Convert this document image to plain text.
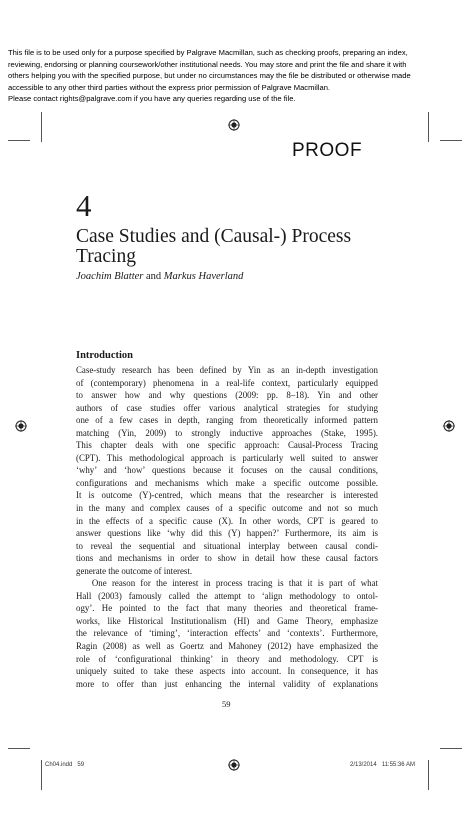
This file is to be used only for a purpose specified by Palgrave Macmillan, such as checking proofs, preparing an index,
reviewing, endorsing or planning coursework/other institutional needs. You may store and print the file and share it with
others helping you with the specified purpose, but under no circumstances may the file be distributed or otherwise made
accessible to any other third parties without the express prior permission of Palgrave Macmillan.
Please contact rights@palgrave.com if you have any queries regarding use of the file.
PROOF
4
Case Studies and (Causal-) Process
Tracing
Joachim Blatter and Markus Haverland
Introduction
Case-study research has been defined by Yin as an in-depth investigation
of (contemporary) phenomena in a real-life context, particularly equipped
to answer how and why questions (2009: pp. 8–18). Yin and other
authors of case studies offer various analytical strategies for studying
one of a few cases in depth, ranging from theoretically informed pattern
matching (Yin, 2009) to strongly inductive approaches (Stake, 1995).
This chapter deals with one specific approach: Causal-Process Tracing
(CPT). This methodological approach is particularly well suited to answer
‘why’ and ‘how’ questions because it focuses on the causal conditions,
configurations and mechanisms which make a specific outcome possible.
It is outcome (Y)-centred, which means that the researcher is interested
in the many and complex causes of a specific outcome and not so much
in the effects of a specific cause (X). In other words, CPT is geared to
answer questions like ‘why did this (Y) happen?’ Furthermore, its aim is
to reveal the sequential and situational interplay between causal condi-
tions and mechanisms in order to show in detail how these causal factors
generate the outcome of interest.
One reason for the interest in process tracing is that it is part of what
Hall (2003) famously called the attempt to ‘align methodology to ontol-
ogy’. He pointed to the fact that many theories and theoretical frame-
works, like Historical Institutionalism (HI) and Game Theory, emphasize
the relevance of ‘timing’, ‘interaction effects’ and ‘contexts’. Furthermore,
Ragin (2008) as well as Goertz and Mahoney (2012) have emphasized the
role of ‘configurational thinking’ in theory and methodology. CPT is
uniquely suited to take these aspects into account. In consequence, it has
more to offer than just enhancing the internal validity of explanations
59
Ch04.indd   59	2/13/2014   11:55:36 AM
